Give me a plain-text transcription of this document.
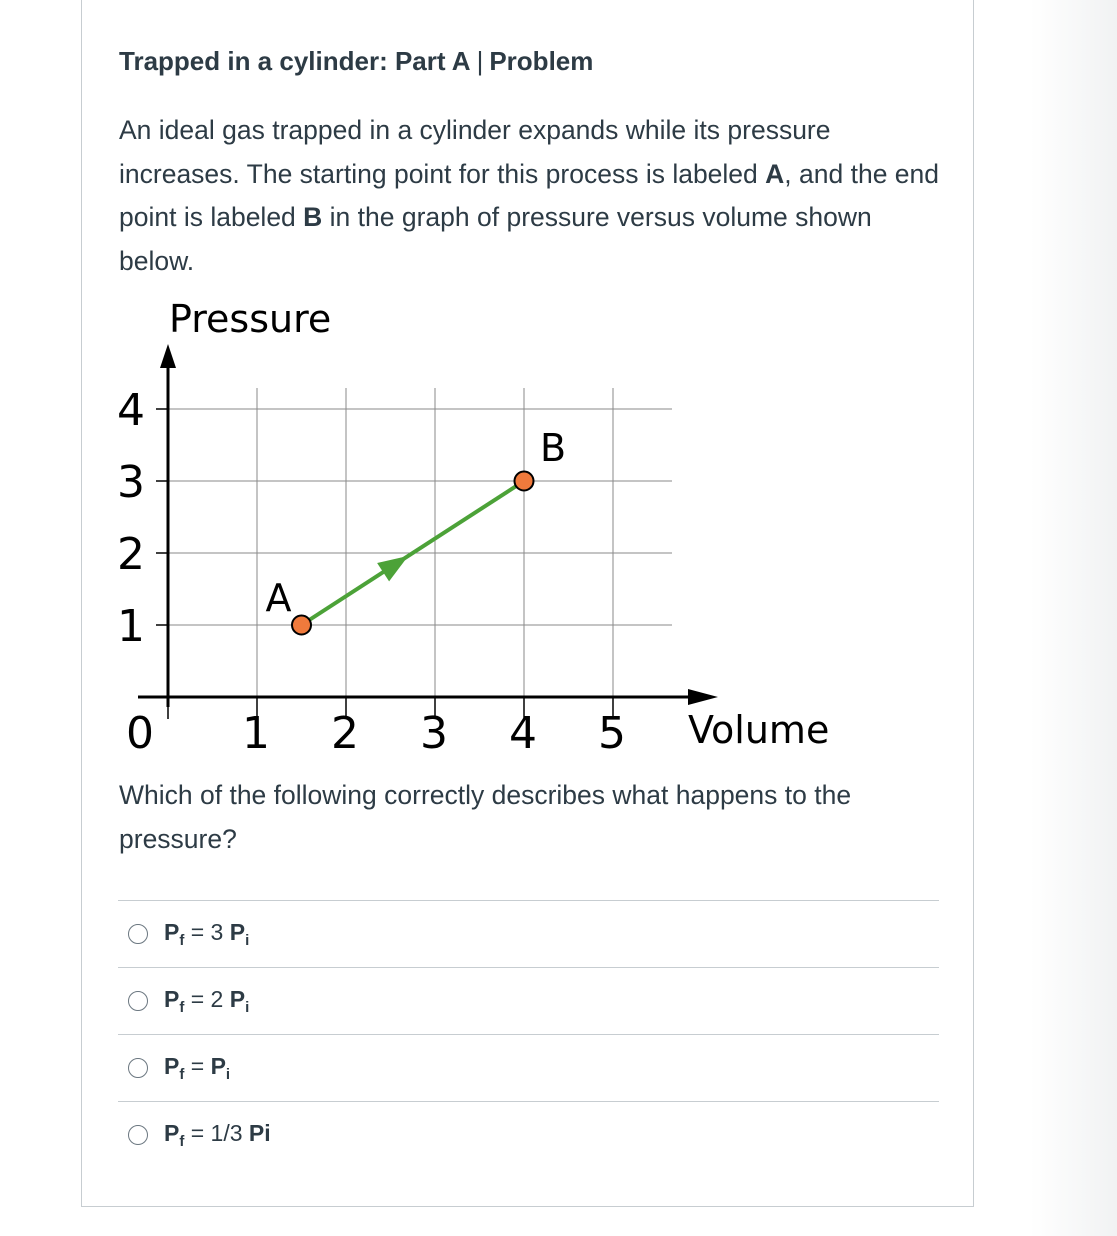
Trapped in a cylinder: Part A | Problem

An ideal gas trapped in a cylinder expands while its pressure increases. The starting point for this process is labeled A, and the end point is labeled B in the graph of pressure versus volume shown below.

0 1 2 3 4 5
1
2
3
4
A
B
Pressure
Volume

Which of the following correctly describes what happens to the pressure?

$P_f = 3$ $P_i$
$P_f = 2$ $P_i$
$P_f = P_i$
$P_f = 1/3$ Pi
